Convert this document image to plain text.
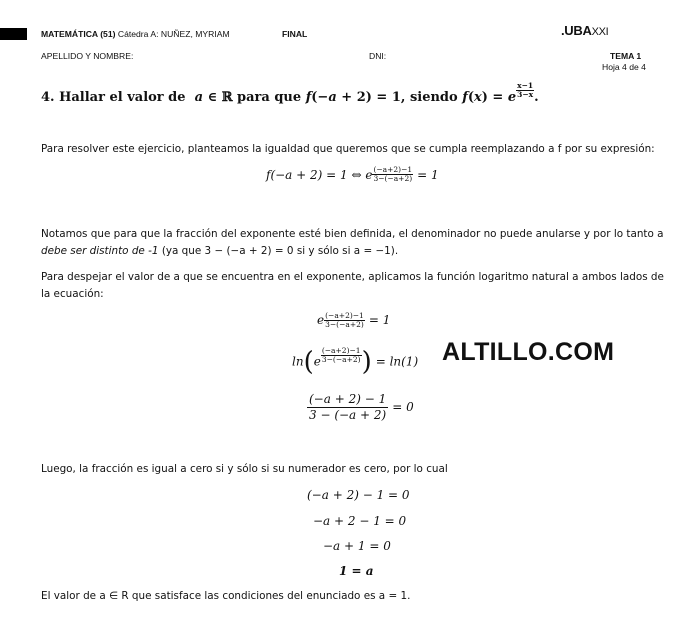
MATEMÁTICA (51) Cátedra A: NUÑEZ, MYRIAM	FINAL	.UBAXXI
APELLIDO Y NOMBRE:	DNI:	TEMA 1
Hoja 4 de 4
4. Hallar el valor de  a ∈ ℝ para que f(−a + 2) = 1, siendo f(x) = e $\frac{x-1}{3-x}$ .
Para resolver este ejercicio, planteamos la igualdad que queremos que se cumpla reemplazando a f por su expresión:
f(−a + 2) = 1 ⇔ e $\frac{(-a+2)-1}{3-(-a+2)} = 1$
Notamos que para que la fracción del exponente esté bien definida, el denominador no puede anularse y por lo tanto a
debe ser distinto de -1 (ya que 3 − (−a + 2) = 0 si y sólo si a = −1).
Para despejar el valor de a que se encuentra en el exponente, aplicamos la función logaritmo natural a ambos lados de la ecuación:
e $\frac{(-a+2)-1}{3-(-a+2)} = 1$
$\ln(e \frac{(-a+2)-1}{3-(-a+2)}$ ) = ln(1) ALTILLO.COM
$\frac{(-a + 2) - 1}{3 - (-a + 2)} = 0$
Luego, la fracción es igual a cero si y sólo si su numerador es cero, por lo cual
(−a + 2) − 1 = 0
−a + 2 − 1 = 0
−a + 1 = 0
1 = a
El valor de a ∈ R que satisface las condiciones del enunciado es a = 1.
